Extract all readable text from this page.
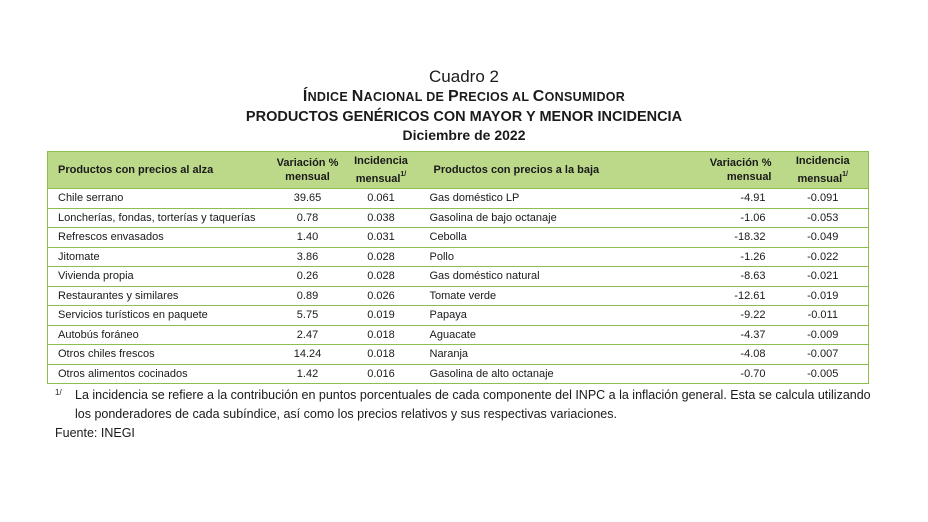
Cuadro 2
ÍNDICE NACIONAL DE PRECIOS AL CONSUMIDOR
PRODUCTOS GENÉRICOS CON MAYOR Y MENOR INCIDENCIA
Diciembre de 2022
Productos con precios al alza	Variación % mensual	Incidencia mensual$^{1/}$	Productos con precios a la baja	Variación % mensual	Incidencia mensual$^{1/}$
Chile serrano	39.65	0.061	Gas doméstico LP	-4.91	-0.091
Loncherías, fondas, torterías y taquerías	0.78	0.038	Gasolina de bajo octanaje	-1.06	-0.053
Refrescos envasados	1.40	0.031	Cebolla	-18.32	-0.049
Jitomate	3.86	0.028	Pollo	-1.26	-0.022
Vivienda propia	0.26	0.028	Gas doméstico natural	-8.63	-0.021
Restaurantes y similares	0.89	0.026	Tomate verde	-12.61	-0.019
Servicios turísticos en paquete	5.75	0.019	Papaya	-9.22	-0.011
Autobús foráneo	2.47	0.018	Aguacate	-4.37	-0.009
Otros chiles frescos	14.24	0.018	Naranja	-4.08	-0.007
Otros alimentos cocinados	1.42	0.016	Gasolina de alto octanaje	-0.70	-0.005
1/ La incidencia se refiere a la contribución en puntos porcentuales de cada componente del INPC a la inflación general. Esta se calcula utilizando los ponderadores de cada subíndice, así como los precios relativos y sus respectivas variaciones.
Fuente: INEGI
